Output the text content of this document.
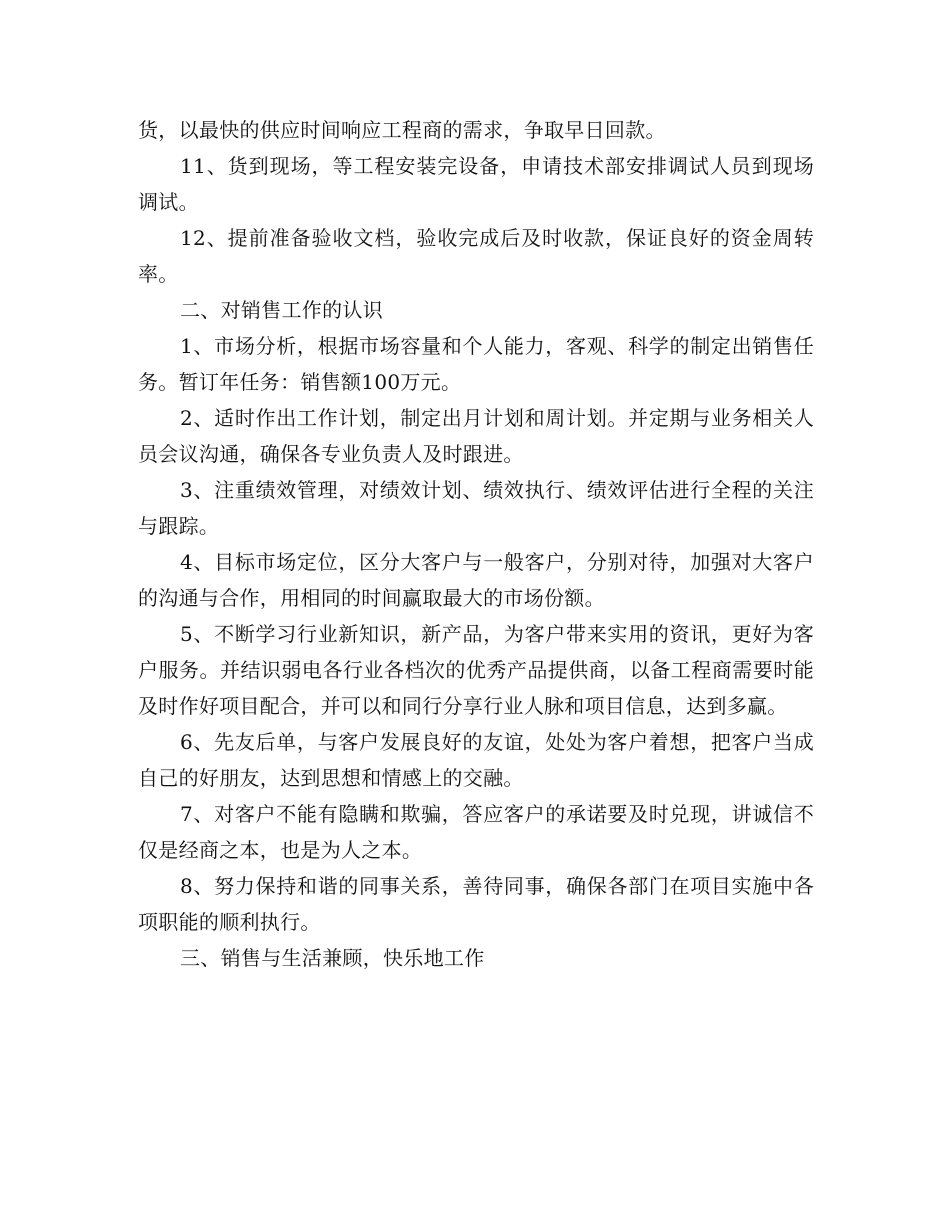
货，以最快的供应时间响应工程商的需求，争取早日回款。

11、货到现场，等工程安装完设备，申请技术部安排调试人员到现场调试。

12、提前准备验收文档，验收完成后及时收款，保证良好的资金周转率。

二、对销售工作的认识

1、市场分析，根据市场容量和个人能力，客观、科学的制定出销售任务。暂订年任务：销售额100万元。

2、适时作出工作计划，制定出月计划和周计划。并定期与业务相关人员会议沟通，确保各专业负责人及时跟进。

3、注重绩效管理，对绩效计划、绩效执行、绩效评估进行全程的关注与跟踪。

4、目标市场定位，区分大客户与一般客户，分别对待，加强对大客户的沟通与合作，用相同的时间赢取最大的市场份额。

5、不断学习行业新知识，新产品，为客户带来实用的资讯，更好为客户服务。并结识弱电各行业各档次的优秀产品提供商，以备工程商需要时能及时作好项目配合，并可以和同行分享行业人脉和项目信息，达到多赢。

6、先友后单，与客户发展良好的友谊，处处为客户着想，把客户当成自己的好朋友，达到思想和情感上的交融。

7、对客户不能有隐瞒和欺骗，答应客户的承诺要及时兑现，讲诚信不仅是经商之本，也是为人之本。

8、努力保持和谐的同事关系，善待同事，确保各部门在项目实施中各项职能的顺利执行。

三、销售与生活兼顾，快乐地工作
